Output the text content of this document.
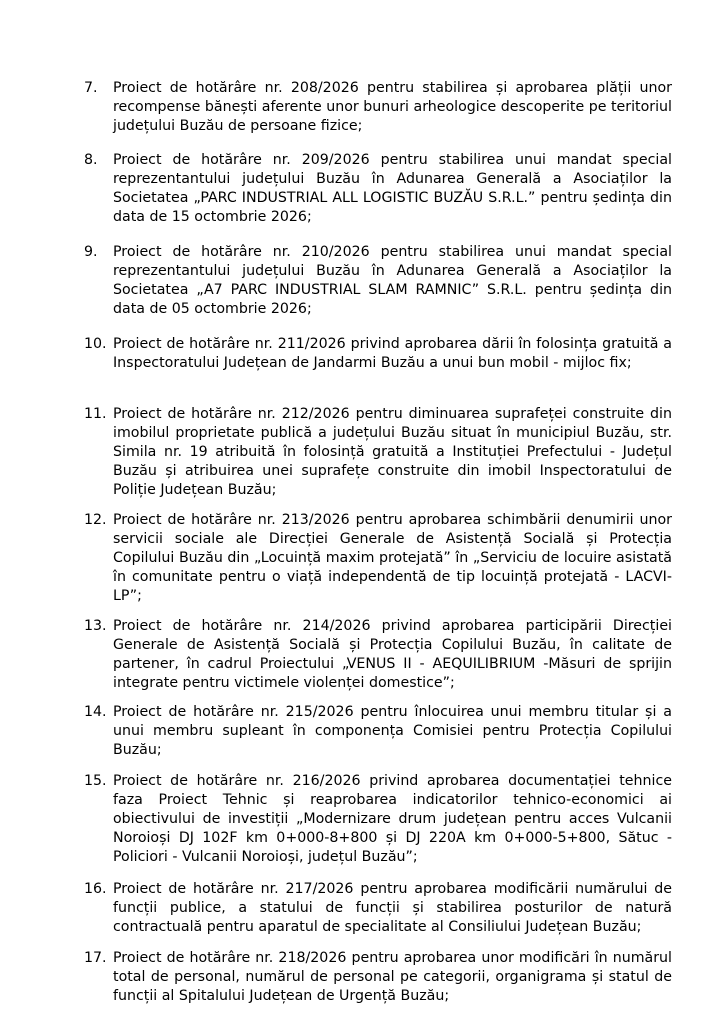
7. Proiect de hotărâre nr. 208/2026 pentru stabilirea și aprobarea plății unor recompense bănești aferente unor bunuri arheologice descoperite pe teritoriul județului Buzău de persoane fizice;
8. Proiect de hotărâre nr. 209/2026 pentru stabilirea unui mandat special reprezentantului județului Buzău în Adunarea Generală a Asociaților la Societatea „PARC INDUSTRIAL ALL LOGISTIC BUZĂU S.R.L.” pentru ședința din data de 15 octombrie 2026;
9. Proiect de hotărâre nr. 210/2026 pentru stabilirea unui mandat special reprezentantului județului Buzău în Adunarea Generală a Asociaților la Societatea „A7 PARC INDUSTRIAL SLAM RAMNIC” S.R.L. pentru ședința din data de 05 octombrie 2026;
10. Proiect de hotărâre nr. 211/2026 privind aprobarea dării în folosința gratuită a Inspectoratului Județean de Jandarmi Buzău a unui bun mobil - mijloc fix;
11. Proiect de hotărâre nr. 212/2026 pentru diminuarea suprafeței construite din imobilul proprietate publică a județului Buzău situat în municipiul Buzău, str. Simila nr. 19 atribuită în folosință gratuită a Instituției Prefectului - Județul Buzău și atribuirea unei suprafețe construite din imobil Inspectoratului de Poliție Județean Buzău;
12. Proiect de hotărâre nr. 213/2026 pentru aprobarea schimbării denumirii unor servicii sociale ale Direcției Generale de Asistență Socială și Protecția Copilului Buzău din „Locuință maxim protejată” în „Serviciu de locuire asistată în comunitate pentru o viață independentă de tip locuință protejată - LACVI-LP”;
13. Proiect de hotărâre nr. 214/2026 privind aprobarea participării Direcției Generale de Asistență Socială și Protecția Copilului Buzău, în calitate de partener, în cadrul Proiectului „VENUS II - AEQUILIBRIUM -Măsuri de sprijin integrate pentru victimele violenței domestice”;
14. Proiect de hotărâre nr. 215/2026 pentru înlocuirea unui membru titular și a unui membru supleant în componența Comisiei pentru Protecția Copilului Buzău;
15. Proiect de hotărâre nr. 216/2026 privind aprobarea documentației tehnice faza Proiect Tehnic și reaprobarea indicatorilor tehnico-economici ai obiectivului de investiții „Modernizare drum județean pentru acces Vulcanii Noroioși DJ 102F km 0+000-8+800 și DJ 220A km 0+000-5+800, Sătuc - Policiori - Vulcanii Noroioși, județul Buzău”;
16. Proiect de hotărâre nr. 217/2026 pentru aprobarea modificării numărului de funcții publice, a statului de funcții și stabilirea posturilor de natură contractuală pentru aparatul de specialitate al Consiliului Județean Buzău;
17. Proiect de hotărâre nr. 218/2026 pentru aprobarea unor modificări în numărul total de personal, numărul de personal pe categorii, organigrama și statul de funcții al Spitalului Județean de Urgență Buzău;
